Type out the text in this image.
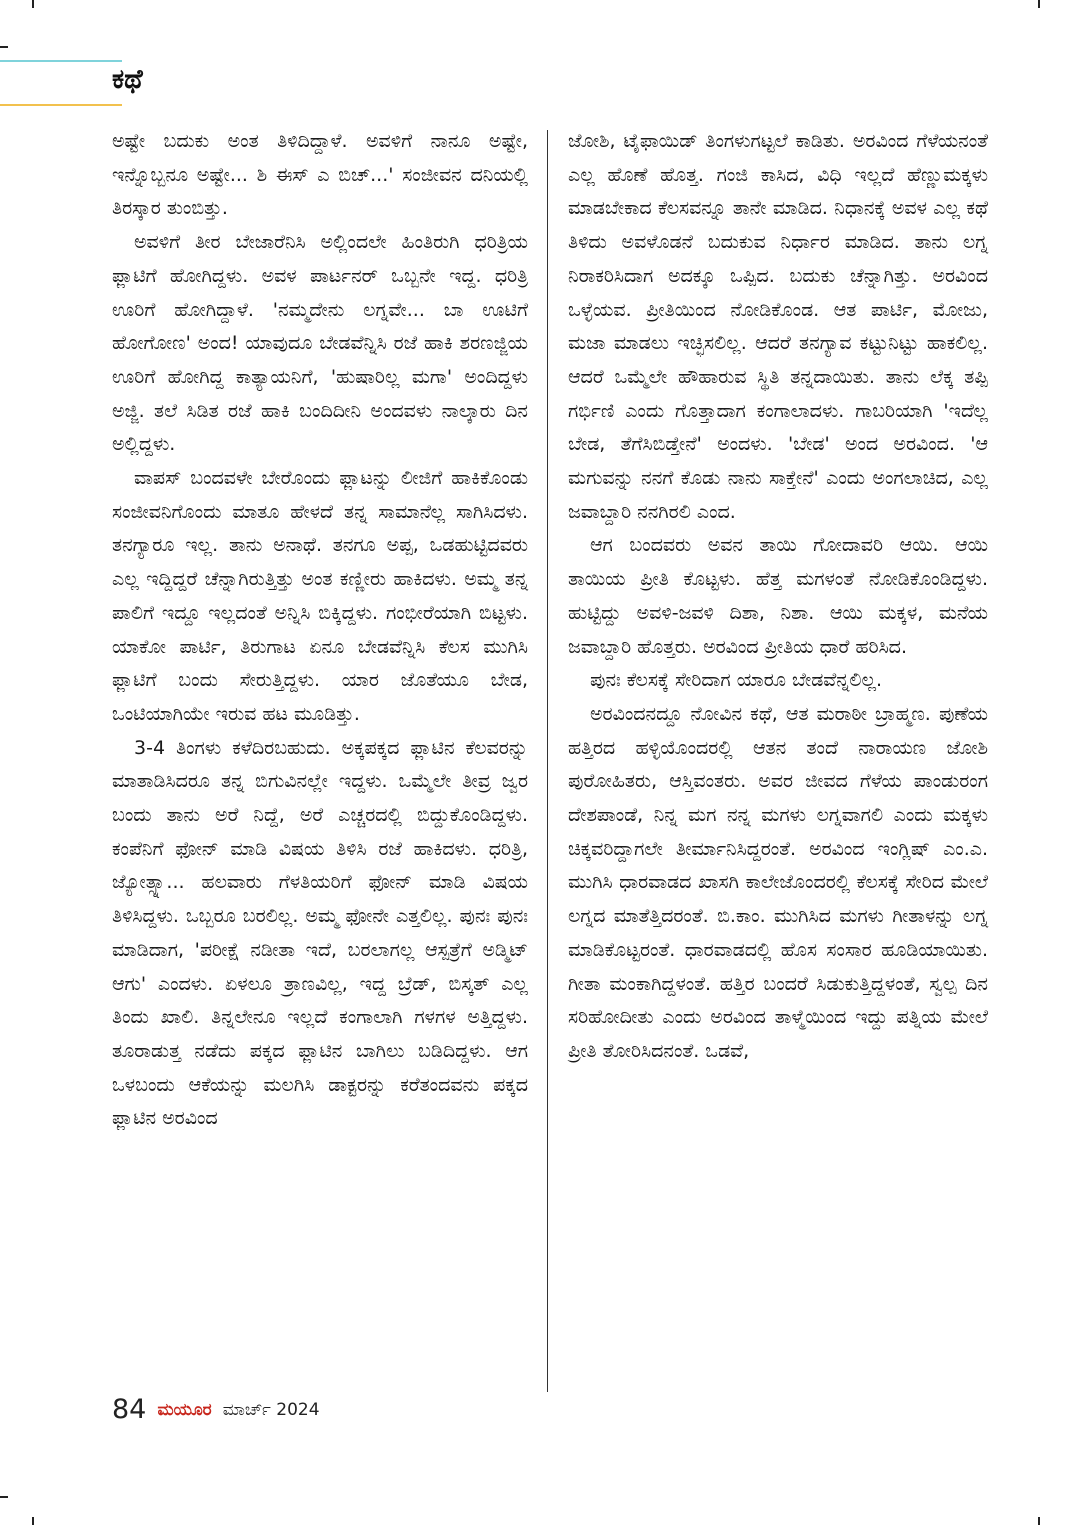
ಕಥೆ

ಅಷ್ಟೇ ಬದುಕು ಅಂತ ತಿಳಿದಿದ್ದಾಳೆ. ಅವಳಿಗೆ ನಾನೂ ಅಷ್ಟೇ, ಇನ್ನೊಬ್ಬನೂ ಅಷ್ಟೇ... ಶಿ ಈಸ್ ಎ ಬಿಚ್...' ಸಂಜೀವನ ದನಿಯಲ್ಲಿ ತಿರಸ್ಕಾರ ತುಂಬಿತ್ತು.

ಅವಳಿಗೆ ತೀರ ಬೇಜಾರೆನಿಸಿ ಅಲ್ಲಿಂದಲೇ ಹಿಂತಿರುಗಿ ಧರಿತ್ರಿಯ ಫ್ಲಾಟಿಗೆ ಹೋಗಿದ್ದಳು. ಅವಳ ಪಾರ್ಟನರ್ ಒಬ್ಬನೇ ಇದ್ದ. ಧರಿತ್ರಿ ಊರಿಗೆ ಹೋಗಿದ್ದಾಳೆ. 'ನಮ್ಮದೇನು ಲಗ್ನವೇ... ಬಾ ಊಟಿಗೆ ಹೋಗೋಣ' ಅಂದ! ಯಾವುದೂ ಬೇಡವೆನ್ನಿಸಿ ರಜೆ ಹಾಕಿ ಶರಣಜ್ಜಿಯ ಊರಿಗೆ ಹೋಗಿದ್ದ ಕಾತ್ಯಾಯನಿಗೆ, 'ಹುಷಾರಿಲ್ಲ ಮಗಾ' ಅಂದಿದ್ದಳು ಅಜ್ಜಿ. ತಲೆ ಸಿಡಿತ ರಜೆ ಹಾಕಿ ಬಂದಿದೀನಿ ಅಂದವಳು ನಾಲ್ಕಾರು ದಿನ ಅಲ್ಲಿದ್ದಳು.

ವಾಪಸ್ ಬಂದವಳೇ ಬೇರೊಂದು ಫ್ಲಾಟನ್ನು ಲೀಜಿಗೆ ಹಾಕಿಕೊಂಡು ಸಂಜೀವನಿಗೊಂದು ಮಾತೂ ಹೇಳದೆ ತನ್ನ ಸಾಮಾನೆಲ್ಲ ಸಾಗಿಸಿದಳು. ತನಗ್ಯಾರೂ ಇಲ್ಲ. ತಾನು ಅನಾಥೆ. ತನಗೂ ಅಪ್ಪ, ಒಡಹುಟ್ಟಿದವರು ಎಲ್ಲ ಇದ್ದಿದ್ದರೆ ಚೆನ್ನಾಗಿರುತ್ತಿತ್ತು ಅಂತ ಕಣ್ಣೀರು ಹಾಕಿದಳು. ಅಮ್ಮ ತನ್ನ ಪಾಲಿಗೆ ಇದ್ದೂ ಇಲ್ಲದಂತೆ ಅನ್ನಿಸಿ ಬಿಕ್ಕಿದ್ದಳು. ಗಂಭೀರೆಯಾಗಿ ಬಿಟ್ಟಳು. ಯಾಕೋ ಪಾರ್ಟಿ, ತಿರುಗಾಟ ಏನೂ ಬೇಡವೆನ್ನಿಸಿ ಕೆಲಸ ಮುಗಿಸಿ ಫ್ಲಾಟಿಗೆ ಬಂದು ಸೇರುತ್ತಿದ್ದಳು. ಯಾರ ಜೊತೆಯೂ ಬೇಡ, ಒಂಟಿಯಾಗಿಯೇ ಇರುವ ಹಟ ಮೂಡಿತ್ತು.

3-4 ತಿಂಗಳು ಕಳೆದಿರಬಹುದು. ಅಕ್ಕಪಕ್ಕದ ಫ್ಲಾಟಿನ ಕೆಲವರನ್ನು ಮಾತಾಡಿಸಿದರೂ ತನ್ನ ಬಿಗುವಿನಲ್ಲೇ ಇದ್ದಳು. ಒಮ್ಮೆಲೇ ತೀವ್ರ ಜ್ವರ ಬಂದು ತಾನು ಅರೆ ನಿದ್ದೆ, ಅರೆ ಎಚ್ಚರದಲ್ಲಿ ಬಿದ್ದುಕೊಂಡಿದ್ದಳು. ಕಂಪೆನಿಗೆ ಫೋನ್ ಮಾಡಿ ವಿಷಯ ತಿಳಿಸಿ ರಜೆ ಹಾಕಿದಳು. ಧರಿತ್ರಿ, ಜ್ಯೋತ್ಸ್ನಾ... ಹಲವಾರು ಗೆಳತಿಯರಿಗೆ ಫೋನ್ ಮಾಡಿ ವಿಷಯ ತಿಳಿಸಿದ್ದಳು. ಒಬ್ಬರೂ ಬರಲಿಲ್ಲ. ಅಮ್ಮ ಫೋನೇ ಎತ್ತಲಿಲ್ಲ. ಪುನಃ ಪುನಃ ಮಾಡಿದಾಗ, 'ಪರೀಕ್ಷೆ ನಡೀತಾ ಇದೆ, ಬರಲಾಗಲ್ಲ ಆಸ್ಪತ್ರೆಗೆ ಅಡ್ಮಿಟ್ ಆಗು' ಎಂದಳು. ಏಳಲೂ ತ್ರಾಣವಿಲ್ಲ, ಇದ್ದ ಬ್ರೆಡ್, ಬಿಸ್ಕತ್ ಎಲ್ಲ ತಿಂದು ಖಾಲಿ. ತಿನ್ನಲೇನೂ ಇಲ್ಲದೆ ಕಂಗಾಲಾಗಿ ಗಳಗಳ ಅತ್ತಿದ್ದಳು. ತೂರಾಡುತ್ತ ನಡೆದು ಪಕ್ಕದ ಫ್ಲಾಟಿನ ಬಾಗಿಲು ಬಡಿದಿದ್ದಳು. ಆಗ ಒಳಬಂದು ಆಕೆಯನ್ನು ಮಲಗಿಸಿ ಡಾಕ್ಟರನ್ನು ಕರೆತಂದವನು ಪಕ್ಕದ ಫ್ಲಾಟಿನ ಅರವಿಂದ

ಜೋಶಿ, ಟೈಫಾಯಿಡ್ ತಿಂಗಳುಗಟ್ಟಲೆ ಕಾಡಿತು. ಅರವಿಂದ ಗೆಳೆಯನಂತೆ ಎಲ್ಲ ಹೊಣೆ ಹೊತ್ತ. ಗಂಜಿ ಕಾಸಿದ, ವಿಧಿ ಇಲ್ಲದೆ ಹೆಣ್ಣುಮಕ್ಕಳು ಮಾಡಬೇಕಾದ ಕೆಲಸವನ್ನೂ ತಾನೇ ಮಾಡಿದ. ನಿಧಾನಕ್ಕೆ ಅವಳ ಎಲ್ಲ ಕಥೆ ತಿಳಿದು ಅವಳೊಡನೆ ಬದುಕುವ ನಿರ್ಧಾರ ಮಾಡಿದ. ತಾನು ಲಗ್ನ ನಿರಾಕರಿಸಿದಾಗ ಅದಕ್ಕೂ ಒಪ್ಪಿದ. ಬದುಕು ಚೆನ್ನಾಗಿತ್ತು. ಅರವಿಂದ ಒಳ್ಳೆಯವ. ಪ್ರೀತಿಯಿಂದ ನೋಡಿಕೊಂಡ. ಆತ ಪಾರ್ಟಿ, ಮೋಜು, ಮಜಾ ಮಾಡಲು ಇಚ್ಛಿಸಲಿಲ್ಲ. ಆದರೆ ತನಗ್ಯಾವ ಕಟ್ಟುನಿಟ್ಟು ಹಾಕಲಿಲ್ಲ. ಆದರೆ ಒಮ್ಮೆಲೇ ಹೌಹಾರುವ ಸ್ಥಿತಿ ತನ್ನದಾಯಿತು. ತಾನು ಲೆಕ್ಕ ತಪ್ಪಿ ಗರ್ಭಿಣಿ ಎಂದು ಗೊತ್ತಾದಾಗ ಕಂಗಾಲಾದಳು. ಗಾಬರಿಯಾಗಿ 'ಇದೆಲ್ಲ ಬೇಡ, ತೆಗೆಸಿಬಿಡ್ತೇನೆ' ಅಂದಳು. 'ಬೇಡ' ಅಂದ ಅರವಿಂದ. 'ಆ ಮಗುವನ್ನು ನನಗೆ ಕೊಡು ನಾನು ಸಾಕ್ತೇನೆ' ಎಂದು ಅಂಗಲಾಚಿದ, ಎಲ್ಲ ಜವಾಬ್ದಾರಿ ನನಗಿರಲಿ ಎಂದ.

ಆಗ ಬಂದವರು ಅವನ ತಾಯಿ ಗೋದಾವರಿ ಆಯಿ. ಆಯಿ ತಾಯಿಯ ಪ್ರೀತಿ ಕೊಟ್ಟಳು. ಹೆತ್ತ ಮಗಳಂತೆ ನೋಡಿಕೊಂಡಿದ್ದಳು. ಹುಟ್ಟಿದ್ದು ಅವಳಿ-ಜವಳಿ ದಿಶಾ, ನಿಶಾ. ಆಯಿ ಮಕ್ಕಳ, ಮನೆಯ ಜವಾಬ್ದಾರಿ ಹೊತ್ತರು. ಅರವಿಂದ ಪ್ರೀತಿಯ ಧಾರೆ ಹರಿಸಿದ.

ಪುನಃ ಕೆಲಸಕ್ಕೆ ಸೇರಿದಾಗ ಯಾರೂ ಬೇಡವೆನ್ನಲಿಲ್ಲ.

ಅರವಿಂದನದ್ದೂ ನೋವಿನ ಕಥೆ, ಆತ ಮರಾಠೀ ಬ್ರಾಹ್ಮಣ. ಪುಣೆಯ ಹತ್ತಿರದ ಹಳ್ಳಿಯೊಂದರಲ್ಲಿ ಆತನ ತಂದೆ ನಾರಾಯಣ ಜೋಶಿ ಪುರೋಹಿತರು, ಆಸ್ತಿವಂತರು. ಅವರ ಜೀವದ ಗೆಳೆಯ ಪಾಂಡುರಂಗ ದೇಶಪಾಂಡೆ, ನಿನ್ನ ಮಗ ನನ್ನ ಮಗಳು ಲಗ್ನವಾಗಲಿ ಎಂದು ಮಕ್ಕಳು ಚಿಕ್ಕವರಿದ್ದಾಗಲೇ ತೀರ್ಮಾನಿಸಿದ್ದರಂತೆ. ಅರವಿಂದ ಇಂಗ್ಲಿಷ್ ಎಂ.ಎ. ಮುಗಿಸಿ ಧಾರವಾಡದ ಖಾಸಗಿ ಕಾಲೇಜೊಂದರಲ್ಲಿ ಕೆಲಸಕ್ಕೆ ಸೇರಿದ ಮೇಲೆ ಲಗ್ನದ ಮಾತೆತ್ತಿದರಂತೆ. ಬಿ.ಕಾಂ. ಮುಗಿಸಿದ ಮಗಳು ಗೀತಾಳನ್ನು ಲಗ್ನ ಮಾಡಿಕೊಟ್ಟರಂತೆ. ಧಾರವಾಡದಲ್ಲಿ ಹೊಸ ಸಂಸಾರ ಹೂಡಿಯಾಯಿತು. ಗೀತಾ ಮಂಕಾಗಿದ್ದಳಂತೆ. ಹತ್ತಿರ ಬಂದರೆ ಸಿಡುಕುತ್ತಿದ್ದಳಂತೆ, ಸ್ವಲ್ಪ ದಿನ ಸರಿಹೋದೀತು ಎಂದು ಅರವಿಂದ ತಾಳ್ಮೆಯಿಂದ ಇದ್ದು ಪತ್ನಿಯ ಮೇಲೆ ಪ್ರೀತಿ ತೋರಿಸಿದನಂತೆ. ಒಡವೆ,

84 ಮಯೂರ ಮಾರ್ಚ್ 2024
